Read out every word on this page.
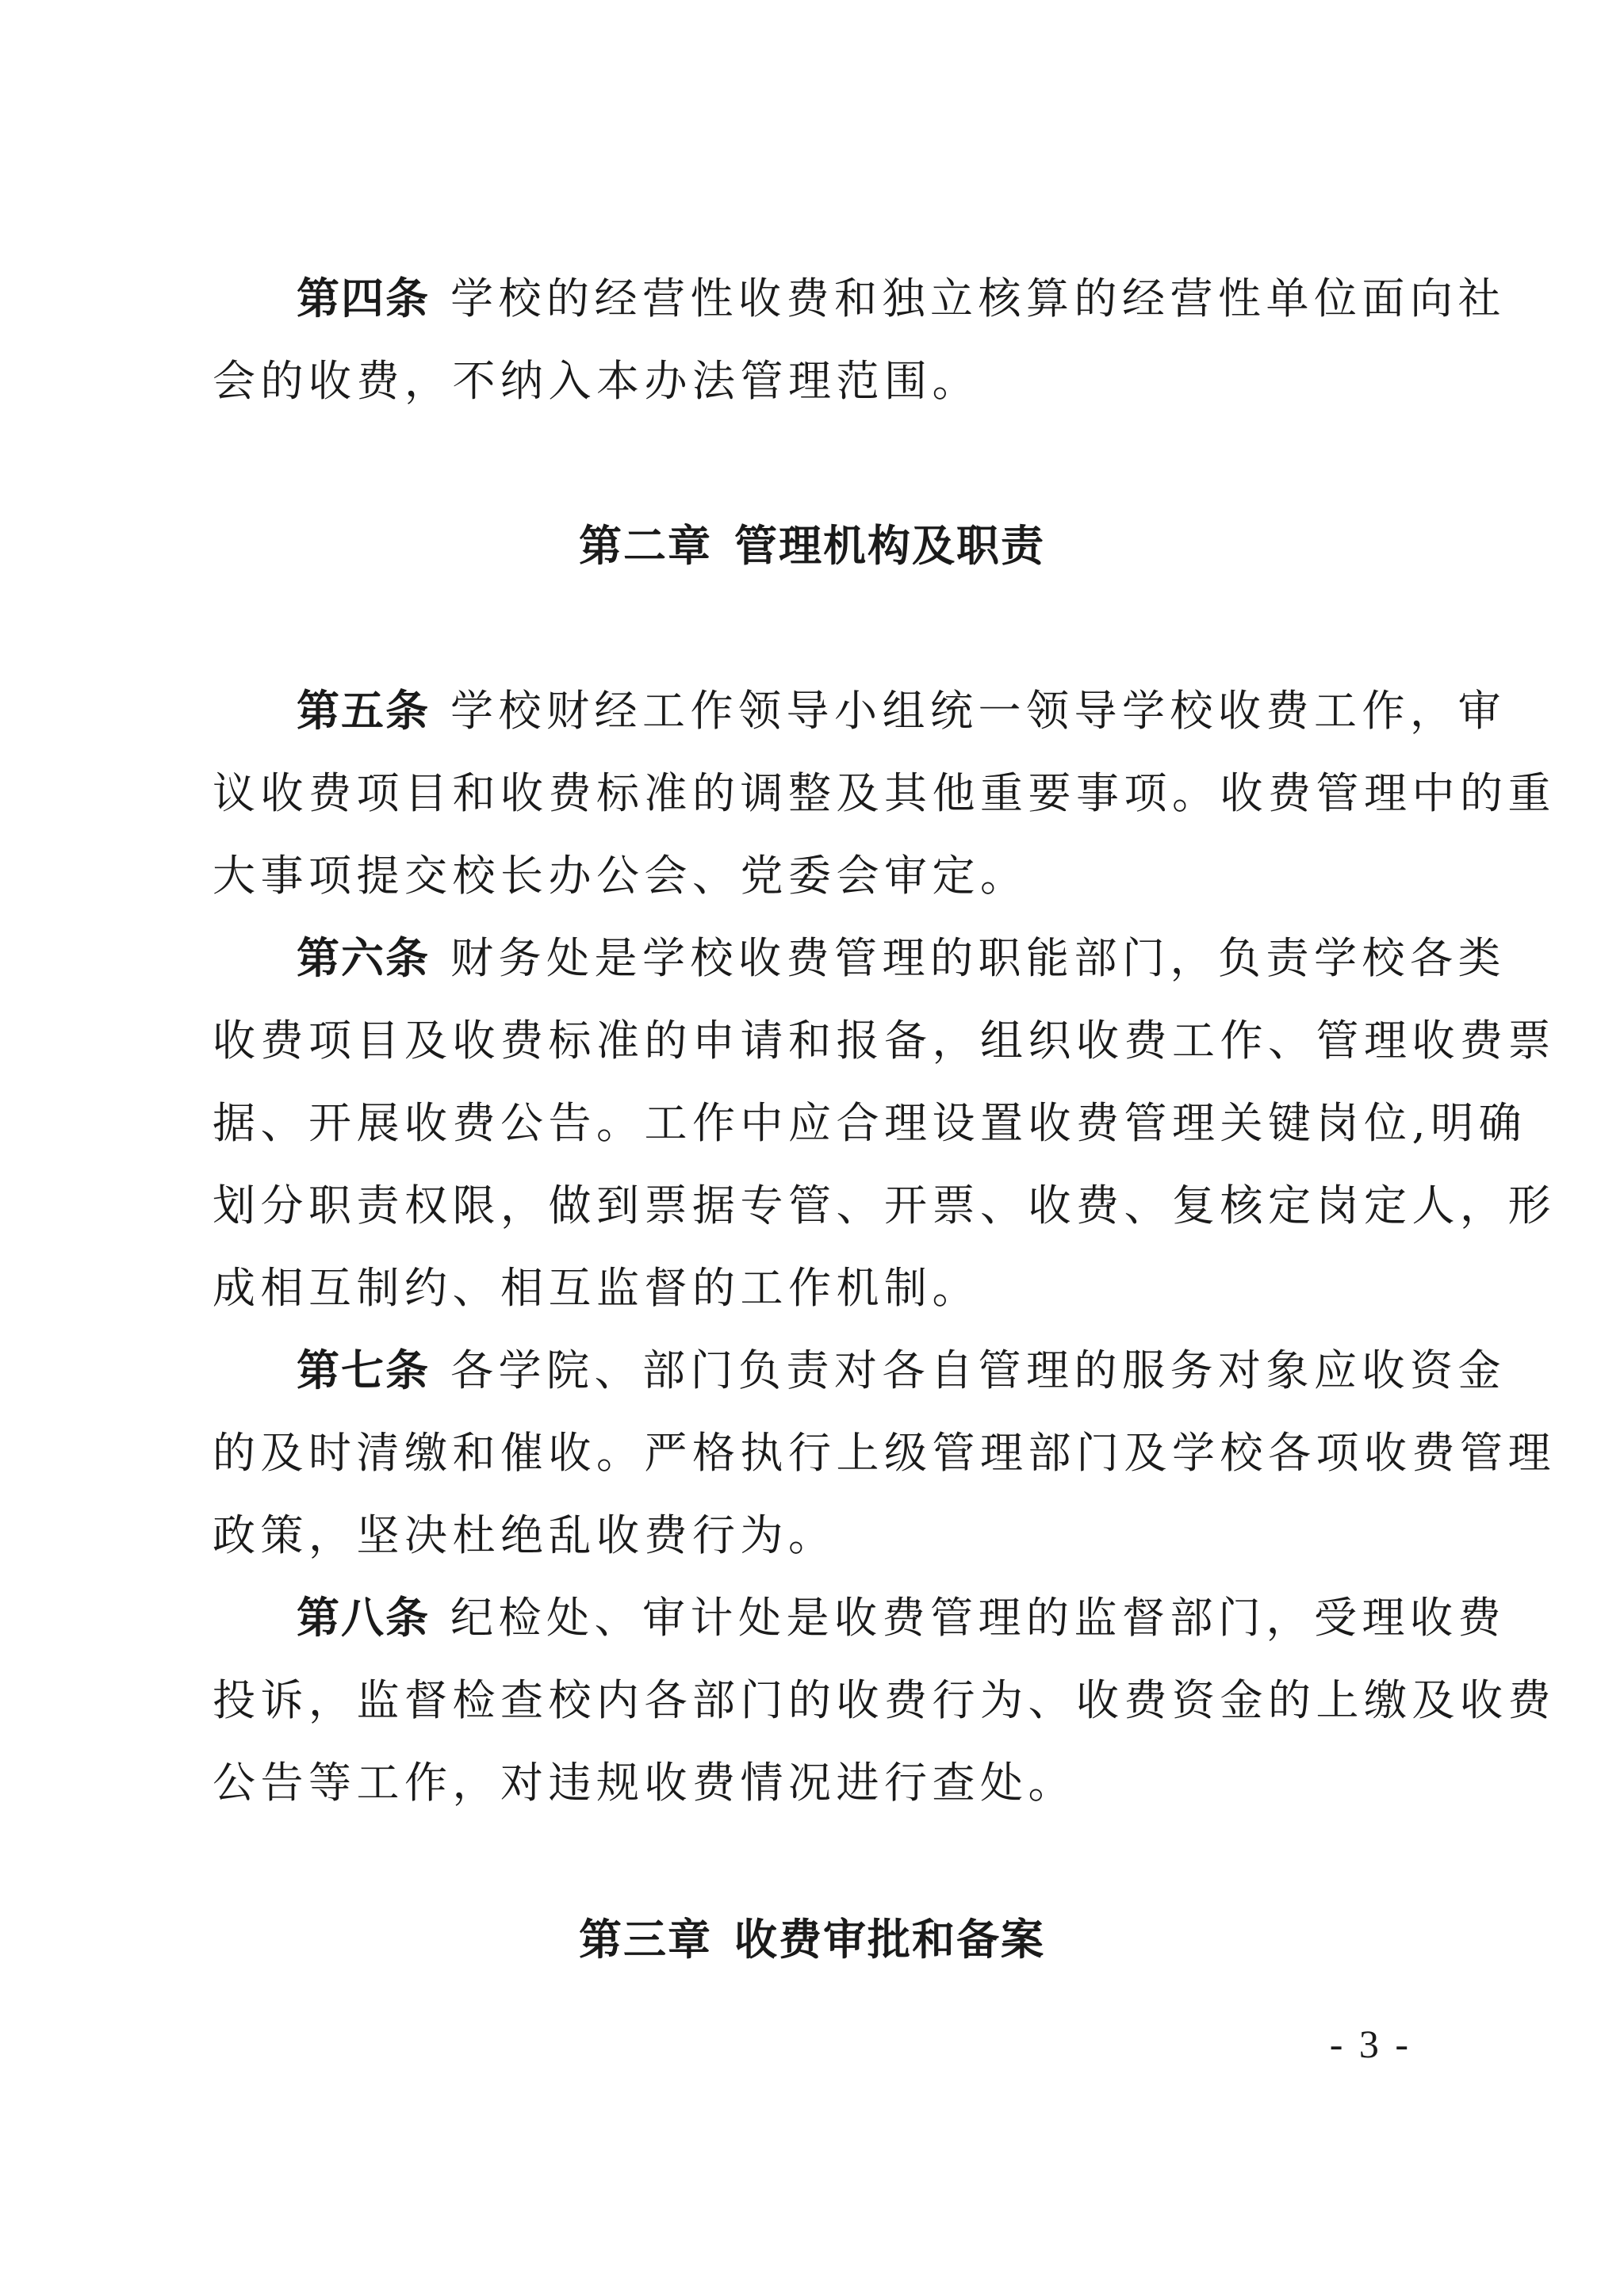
第四条 学校的经营性收费和独立核算的经营性单位面向社
会的收费，不纳入本办法管理范围。
第二章 管理机构及职责
第五条 学校财经工作领导小组统一领导学校收费工作，审
议收费项目和收费标准的调整及其他重要事项。收费管理中的重
大事项提交校长办公会、党委会审定。
第六条 财务处是学校收费管理的职能部门，负责学校各类
收费项目及收费标准的申请和报备，组织收费工作、管理收费票
据、开展收费公告。工作中应合理设置收费管理关键岗位,明确
划分职责权限，做到票据专管、开票、收费、复核定岗定人，形
成相互制约、相互监督的工作机制。
第七条 各学院、部门负责对各自管理的服务对象应收资金
的及时清缴和催收。严格执行上级管理部门及学校各项收费管理
政策，坚决杜绝乱收费行为。
第八条 纪检处、审计处是收费管理的监督部门，受理收费
投诉，监督检查校内各部门的收费行为、收费资金的上缴及收费
公告等工作，对违规收费情况进行查处。
第三章 收费审批和备案
- 3 -
